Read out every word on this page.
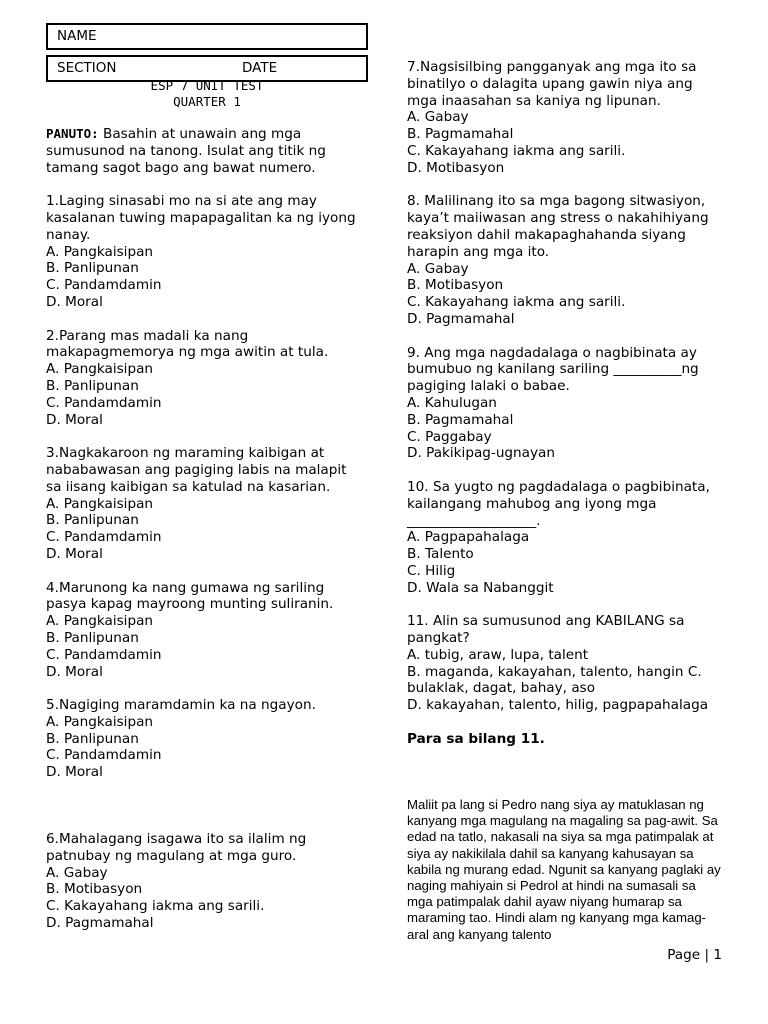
NAME
SECTION	DATE
ESP 7 UNIT TEST
QUARTER 1

PANUTO: Basahin at unawain ang mga sumusunod na tanong. Isulat ang titik ng tamang sagot bago ang bawat numero.

1.Laging sinasabi mo na si ate ang may kasalanan tuwing mapapagalitan ka ng iyong nanay.

A. Pangkaisipan

B. Panlipunan

C. Pandamdamin

D. Moral

2.Parang mas madali ka nang makapagmemorya ng mga awitin at tula.

A. Pangkaisipan

B. Panlipunan

C. Pandamdamin

D. Moral

3.Nagkakaroon ng maraming kaibigan at nababawasan ang pagiging labis na malapit sa iisang kaibigan sa katulad na kasarian.

A. Pangkaisipan

B. Panlipunan

C. Pandamdamin

D. Moral

4.Marunong ka nang gumawa ng sariling pasya kapag mayroong munting suliranin.

A. Pangkaisipan

B. Panlipunan

C. Pandamdamin

D. Moral

5.Nagiging maramdamin ka na ngayon.

A. Pangkaisipan

B. Panlipunan

C. Pandamdamin

D. Moral

6.Mahalagang isagawa ito sa ilalim ng patnubay ng magulang at mga guro.

A. Gabay

B. Motibasyon

C. Kakayahang iakma ang sarili.

D. Pagmamahal

7.Nagsisilbing pangganyak ang mga ito sa binatilyo o dalagita upang gawin niya ang mga inaasahan sa kaniya ng lipunan.

A. Gabay

B. Pagmamahal

C. Kakayahang iakma ang sarili.

D. Motibasyon

8. Malilinang ito sa mga bagong sitwasiyon, kaya’t maiiwasan ang stress o nakahihiyang reaksiyon dahil makapaghahanda siyang harapin ang mga ito.

A. Gabay

B. Motibasyon

C. Kakayahang iakma ang sarili.

D. Pagmamahal

9. Ang mga nagdadalaga o nagbibinata ay bumubuo ng kanilang sariling __________ng pagiging lalaki o babae.

A. Kahulugan

B. Pagmamahal

C. Paggabay

D. Pakikipag-ugnayan

10. Sa yugto ng pagdadalaga o pagbibinata, kailangang mahubog ang iyong mga ___________________.

A. Pagpapahalaga

B. Talento

C. Hilig

D. Wala sa Nabanggit

11. Alin sa sumusunod ang KABILANG sa pangkat?

A. tubig, araw, lupa, talent

B. maganda, kakayahan, talento, hangin C. bulaklak, dagat, bahay, aso

D. kakayahan, talento, hilig, pagpapahalaga

Para sa bilang 11.

Maliit pa lang si Pedro nang siya ay matuklasan ng kanyang mga magulang na magaling sa pag-awit. Sa edad na tatlo, nakasali na siya sa mga patimpalak at siya ay nakikilala dahil sa kanyang kahusayan sa kabila ng murang edad. Ngunit sa kanyang paglaki ay naging mahiyain si Pedrol at hindi na sumasali sa mga patimpalak dahil ayaw niyang humarap sa maraming tao. Hindi alam ng kanyang mga kamag-aral ang kanyang talento
Page | 1
